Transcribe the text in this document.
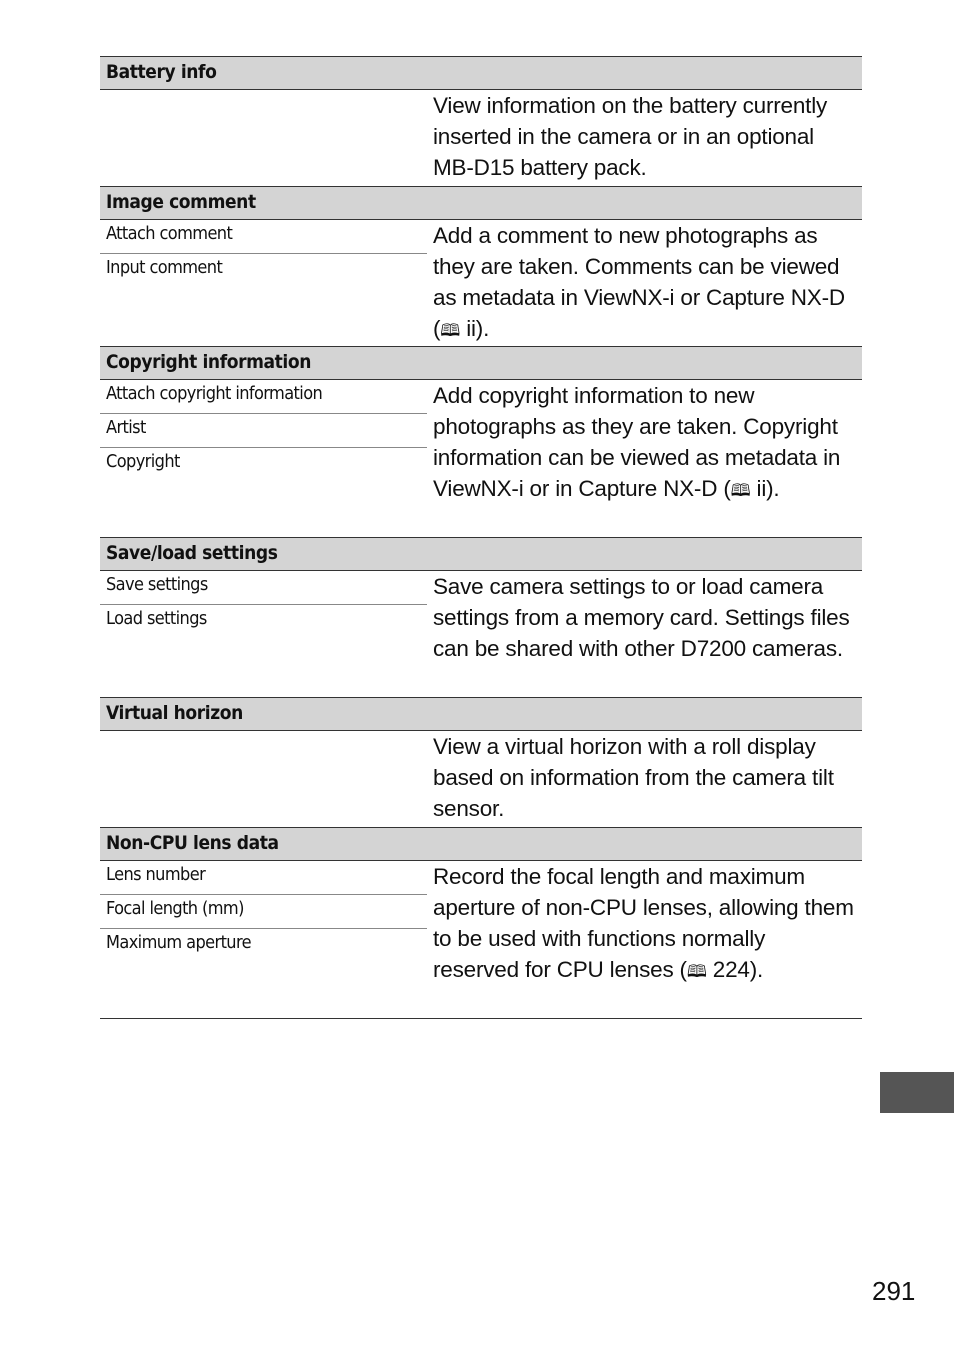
Battery info
View information on the battery currently inserted in the camera or in an optional MB-D15 battery pack.
Image comment
Attach comment
Input comment
Add a comment to new photographs as they are taken. Comments can be viewed as metadata in ViewNX-i or Capture NX-D (🕮 ii).
Copyright information
Attach copyright information
Artist
Copyright
Add copyright information to new photographs as they are taken. Copyright information can be viewed as metadata in ViewNX-i or in Capture NX-D (🕮 ii).
Save/load settings
Save settings
Load settings
Save camera settings to or load camera settings from a memory card. Settings files can be shared with other D7200 cameras.
Virtual horizon
View a virtual horizon with a roll display based on information from the camera tilt sensor.
Non-CPU lens data
Lens number
Focal length (mm)
Maximum aperture
Record the focal length and maximum aperture of non-CPU lenses, allowing them to be used with functions normally reserved for CPU lenses (🕮 224).
291
